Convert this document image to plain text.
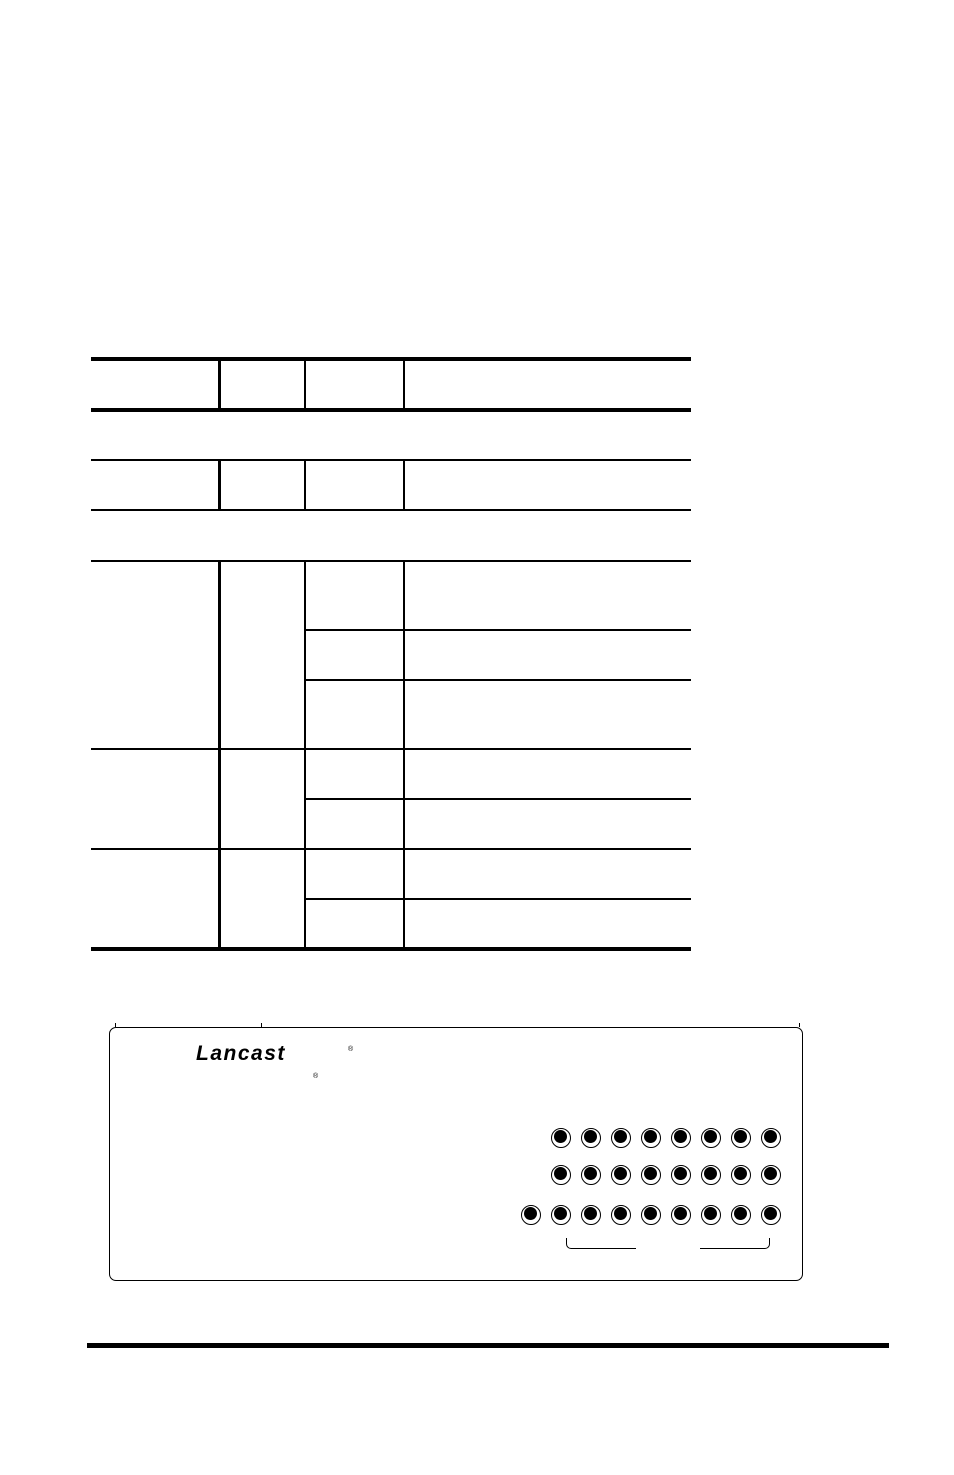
Lancast	®
®
